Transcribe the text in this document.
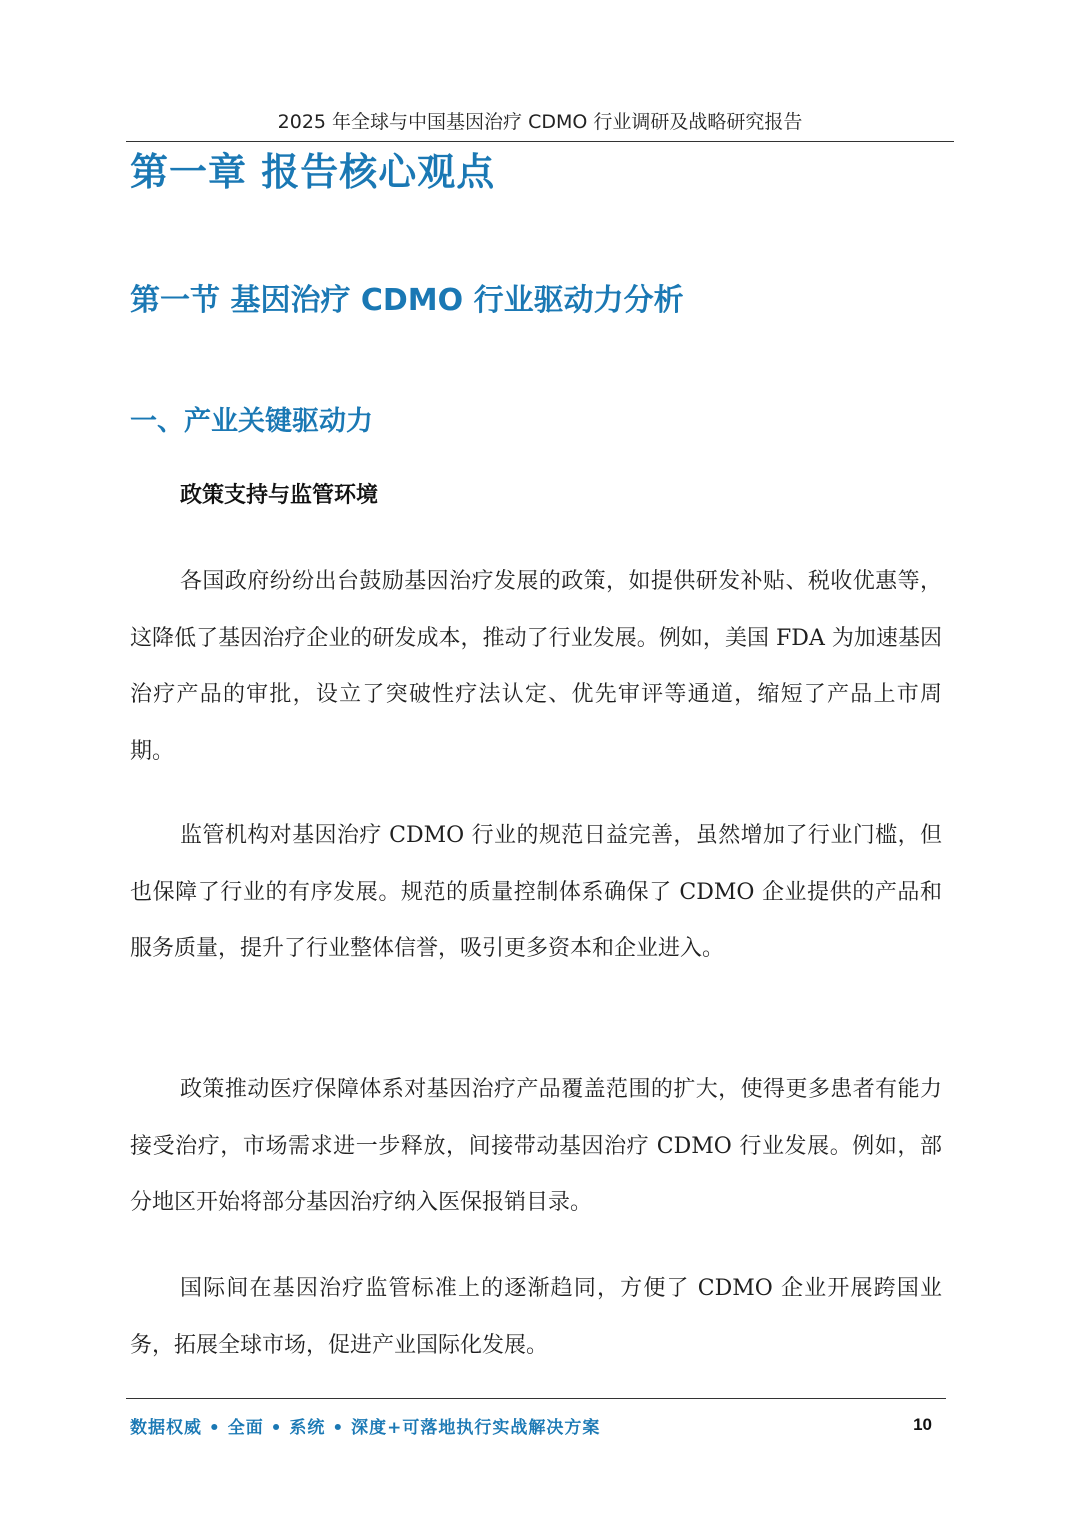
2025 年全球与中国基因治疗 CDMO 行业调研及战略研究报告
第一章 报告核心观点
第一节 基因治疗 CDMO 行业驱动力分析
一、产业关键驱动力
政策支持与监管环境

各国政府纷纷出台鼓励基因治疗发展的政策，如提供研发补贴、税收优惠等，这降低了基因治疗企业的研发成本，推动了行业发展。例如，美国 FDA 为加速基因治疗产品的审批，设立了突破性疗法认定、优先审评等通道，缩短了产品上市周期。

监管机构对基因治疗 CDMO 行业的规范日益完善，虽然增加了行业门槛，但也保障了行业的有序发展。规范的质量控制体系确保了 CDMO 企业提供的产品和服务质量，提升了行业整体信誉，吸引更多资本和企业进入。

政策推动医疗保障体系对基因治疗产品覆盖范围的扩大，使得更多患者有能力接受治疗，市场需求进一步释放，间接带动基因治疗 CDMO 行业发展。例如，部分地区开始将部分基因治疗纳入医保报销目录。

国际间在基因治疗监管标准上的逐渐趋同，方便了 CDMO 企业开展跨国业务，拓展全球市场，促进产业国际化发展。

数据权威 • 全面 • 系统 • 深度+可落地执行实战解决方案	10
